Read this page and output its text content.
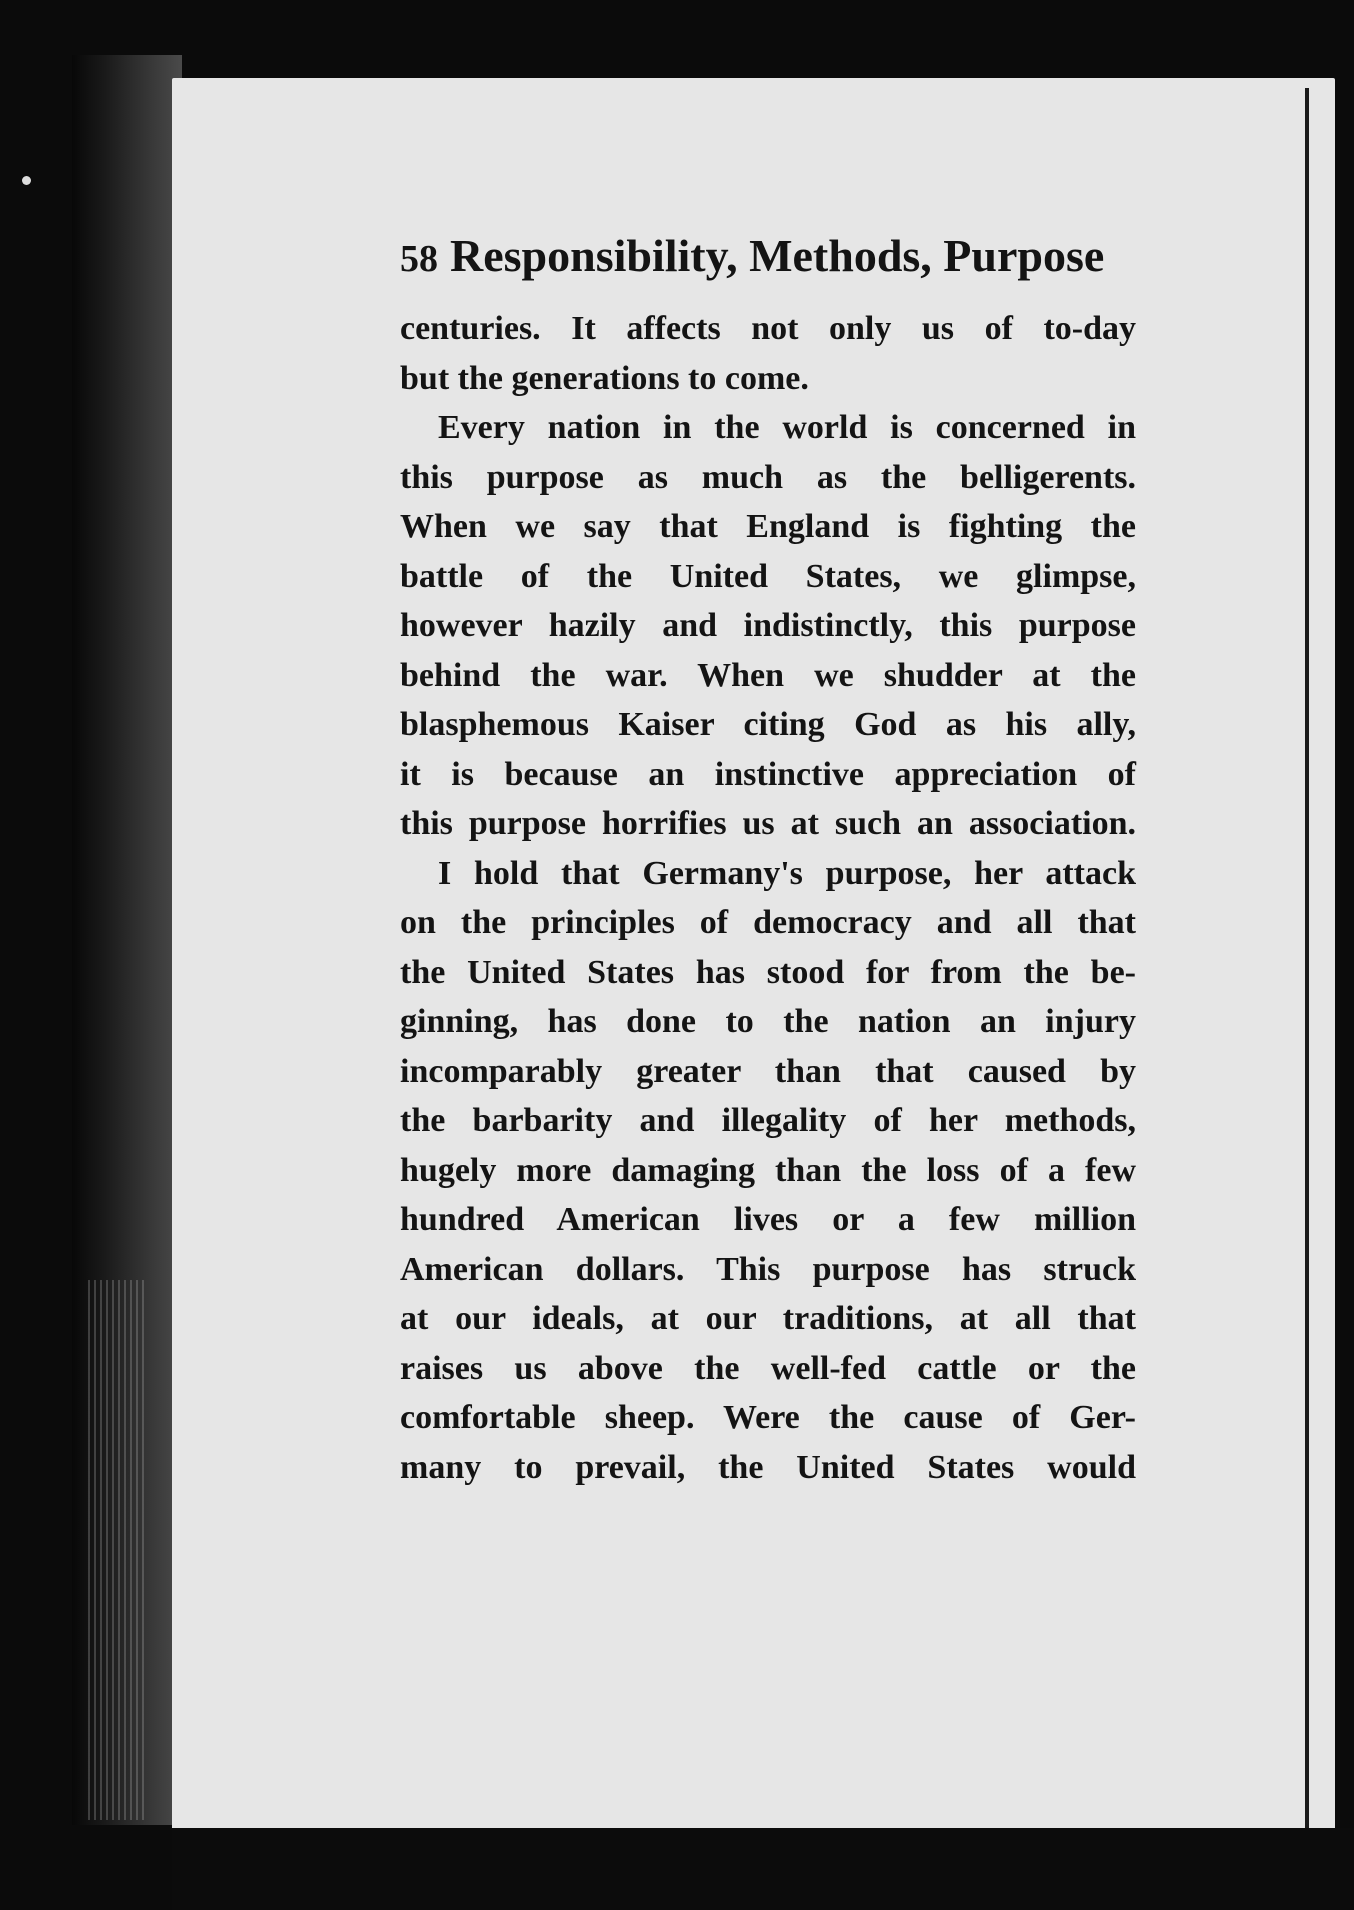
58 Responsibility, Methods, Purpose
centuries. It affects not only us of to-day
but the generations to come.
Every nation in the world is concerned in
this purpose as much as the belligerents.
When we say that England is fighting the
battle of the United States, we glimpse,
however hazily and indistinctly, this purpose
behind the war. When we shudder at the
blasphemous Kaiser citing God as his ally,
it is because an instinctive appreciation of
this purpose horrifies us at such an association.
I hold that Germany's purpose, her attack
on the principles of democracy and all that
the United States has stood for from the be-
ginning, has done to the nation an injury
incomparably greater than that caused by
the barbarity and illegality of her methods,
hugely more damaging than the loss of a few
hundred American lives or a few million
American dollars. This purpose has struck
at our ideals, at our traditions, at all that
raises us above the well-fed cattle or the
comfortable sheep. Were the cause of Ger-
many to prevail, the United States would
